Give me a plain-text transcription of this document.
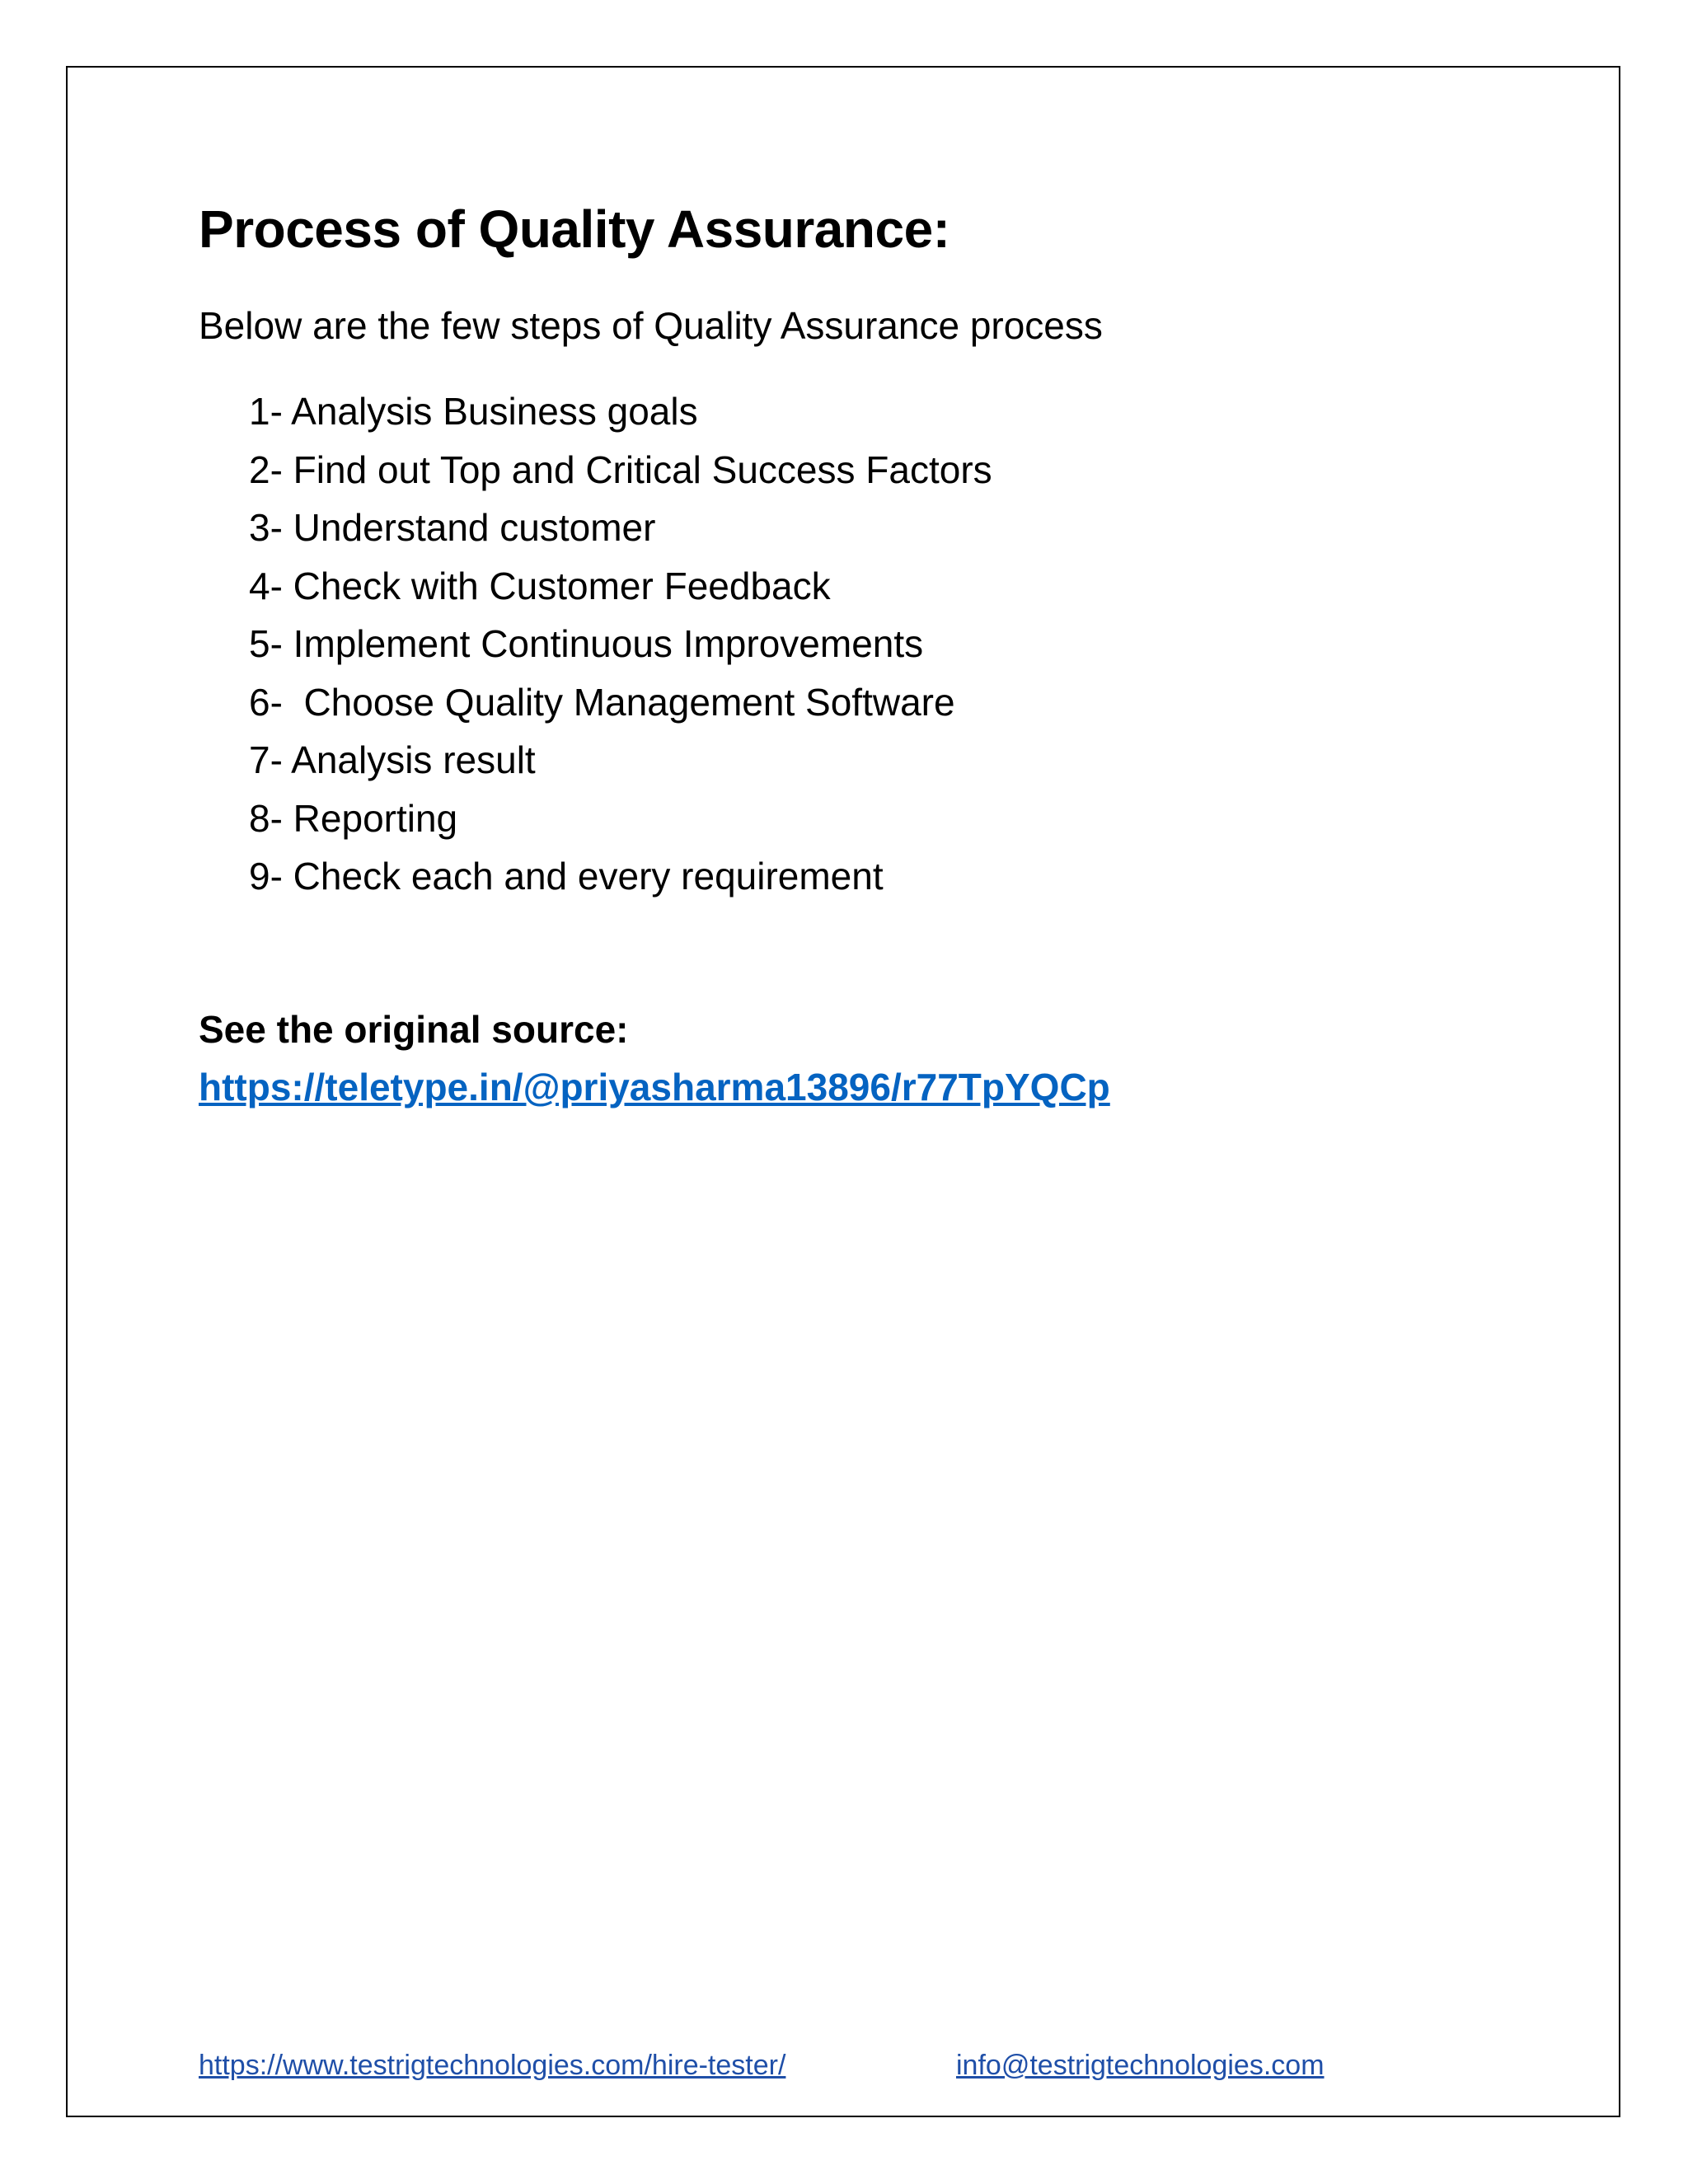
Process of Quality Assurance:

Below are the few steps of Quality Assurance process

1- Analysis Business goals
2- Find out Top and Critical Success Factors
3- Understand customer
4- Check with Customer Feedback
5- Implement Continuous Improvements
6-  Choose Quality Management Software
7- Analysis result
8- Reporting
9- Check each and every requirement

See the original source:

https://teletype.in/@priyasharma13896/r77TpYQCp
https://www.testrigtechnologies.com/hire-tester/	info@testrigtechnologies.com
